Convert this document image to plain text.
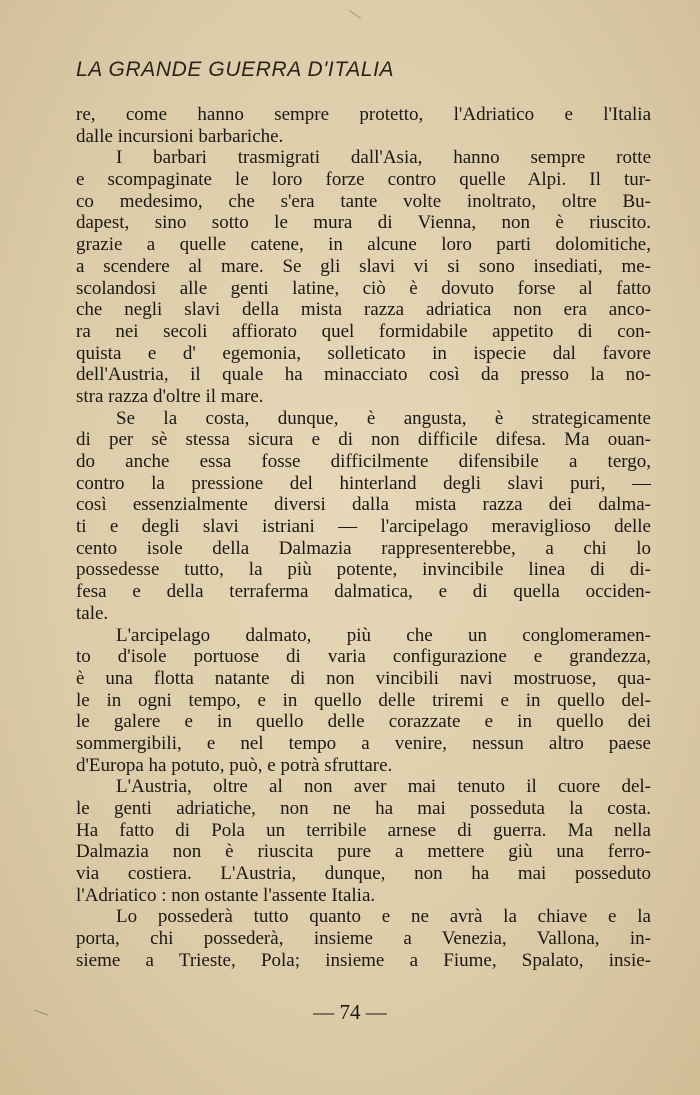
LA GRANDE GUERRA D'ITALIA
re, come hanno sempre protetto, l'Adriatico e l'Italia
dalle incursioni barbariche.
I barbari trasmigrati dall'Asia, hanno sempre rotte
e scompaginate le loro forze contro quelle Alpi. Il tur-
co medesimo, che s'era tante volte inoltrato, oltre Bu-
dapest, sino sotto le mura di Vienna, non è riuscito.
grazie a quelle catene, in alcune loro parti dolomitiche,
a scendere al mare. Se gli slavi vi si sono insediati, me-
scolandosi alle genti latine, ciò è dovuto forse al fatto
che negli slavi della mista razza adriatica non era anco-
ra nei secoli affiorato quel formidabile appetito di con-
quista e d' egemonia, solleticato in ispecie dal favore
dell'Austria, il quale ha minacciato così da presso la no-
stra razza d'oltre il mare.
Se la costa, dunque, è angusta, è strategicamente
di per sè stessa sicura e di non difficile difesa. Ma ouan-
do anche essa fosse difficilmente difensibile a tergo,
contro la pressione del hinterland degli slavi puri, —
così essenzialmente diversi dalla mista razza dei dalma-
ti e degli slavi istriani — l'arcipelago meraviglioso delle
cento isole della Dalmazia rappresenterebbe, a chi lo
possedesse tutto, la più potente, invincibile linea di di-
fesa e della terraferma dalmatica, e di quella occiden-
tale.
L'arcipelago dalmato, più che un conglomeramen-
to d'isole portuose di varia configurazione e grandezza,
è una flotta natante di non vincibili navi mostruose, qua-
le in ogni tempo, e in quello delle triremi e in quello del-
le galere e in quello delle corazzate e in quello dei
sommergibili, e nel tempo a venire, nessun altro paese
d'Europa ha potuto, può, e potrà sfruttare.
L'Austria, oltre al non aver mai tenuto il cuore del-
le genti adriatiche, non ne ha mai posseduta la costa.
Ha fatto di Pola un terribile arnese di guerra. Ma nella
Dalmazia non è riuscita pure a mettere giù una ferro-
via costiera. L'Austria, dunque, non ha mai posseduto
l'Adriatico : non ostante l'assente Italia.
Lo possederà tutto quanto e ne avrà la chiave e la
porta, chi possederà, insieme a Venezia, Vallona, in-
sieme a Trieste, Pola; insieme a Fiume, Spalato, insie-
— 74 —
